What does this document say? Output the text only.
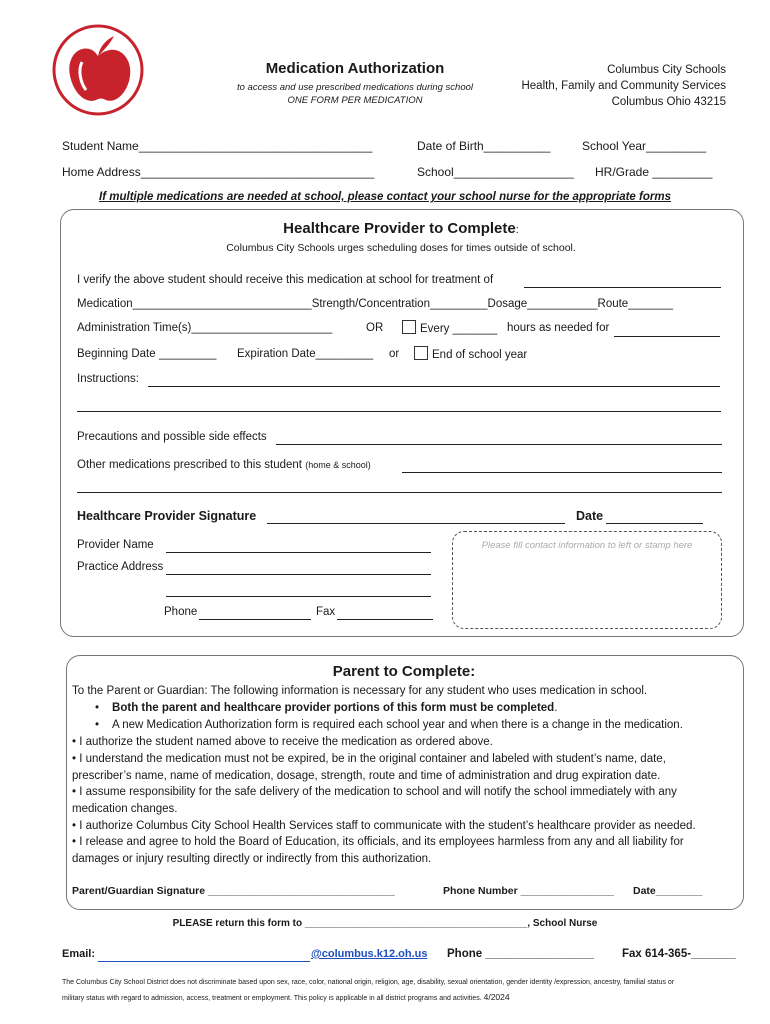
Medication Authorization
to access and use prescribed medications during school
ONE FORM PER MEDICATION
Columbus City Schools
Health, Family and Community Services
Columbus Ohio 43215
Student Name___________________________________	Date of Birth__________	School Year_________
Home Address___________________________________	School__________________ HR/Grade _________
If multiple medications are needed at school, please contact your school nurse for the appropriate forms
Healthcare Provider to Complete:
Columbus City Schools urges scheduling doses for times outside of school.
I verify the above student should receive this medication at school for treatment of
Medication____________________________Strength/Concentration_________Dosage___________Route_______
Administration Time(s)______________________	OR	Every _______ hours as needed for
Beginning Date _________ Expiration Date_________ or	End of school year
Instructions:
Precautions and possible side effects
Other medications prescribed to this student (home & school)
Healthcare Provider Signature	Date
Provider Name
Practice Address
Phone	Fax
Please fill contact information to left or stamp here
Parent to Complete:
To the Parent or Guardian: The following information is necessary for any student who uses medication in school.
• Both the parent and healthcare provider portions of this form must be completed.
• A new Medication Authorization form is required each school year and when there is a change in the medication.
• I authorize the student named above to receive the medication as ordered above.
• I understand the medication must not be expired, be in the original container and labeled with student’s name, date,
prescriber’s name, name of medication, dosage, strength, route and time of administration and drug expiration date.
• I assume responsibility for the safe delivery of the medication to school and will notify the school immediately with any
medication changes.
• I authorize Columbus City School Health Services staff to communicate with the student’s healthcare provider as needed.
• I release and agree to hold the Board of Education, its officials, and its employees harmless from any and all liability for
damages or injury resulting directly or indirectly from this authorization.
Parent/Guardian Signature ________________________________	Phone Number ________________ Date________
PLEASE return this form to ________________________________________, School Nurse
Email:	@columbus.k12.oh.us Phone _________________ Fax 614-365-_______
The Columbus City School District does not discriminate based upon sex, race, color, national origin, religion, age, disability, sexual orientation, gender identity /expression, ancestry, familial status or
military status with regard to admission, access, treatment or employment. This policy is applicable in all district programs and activities. 4/2024
